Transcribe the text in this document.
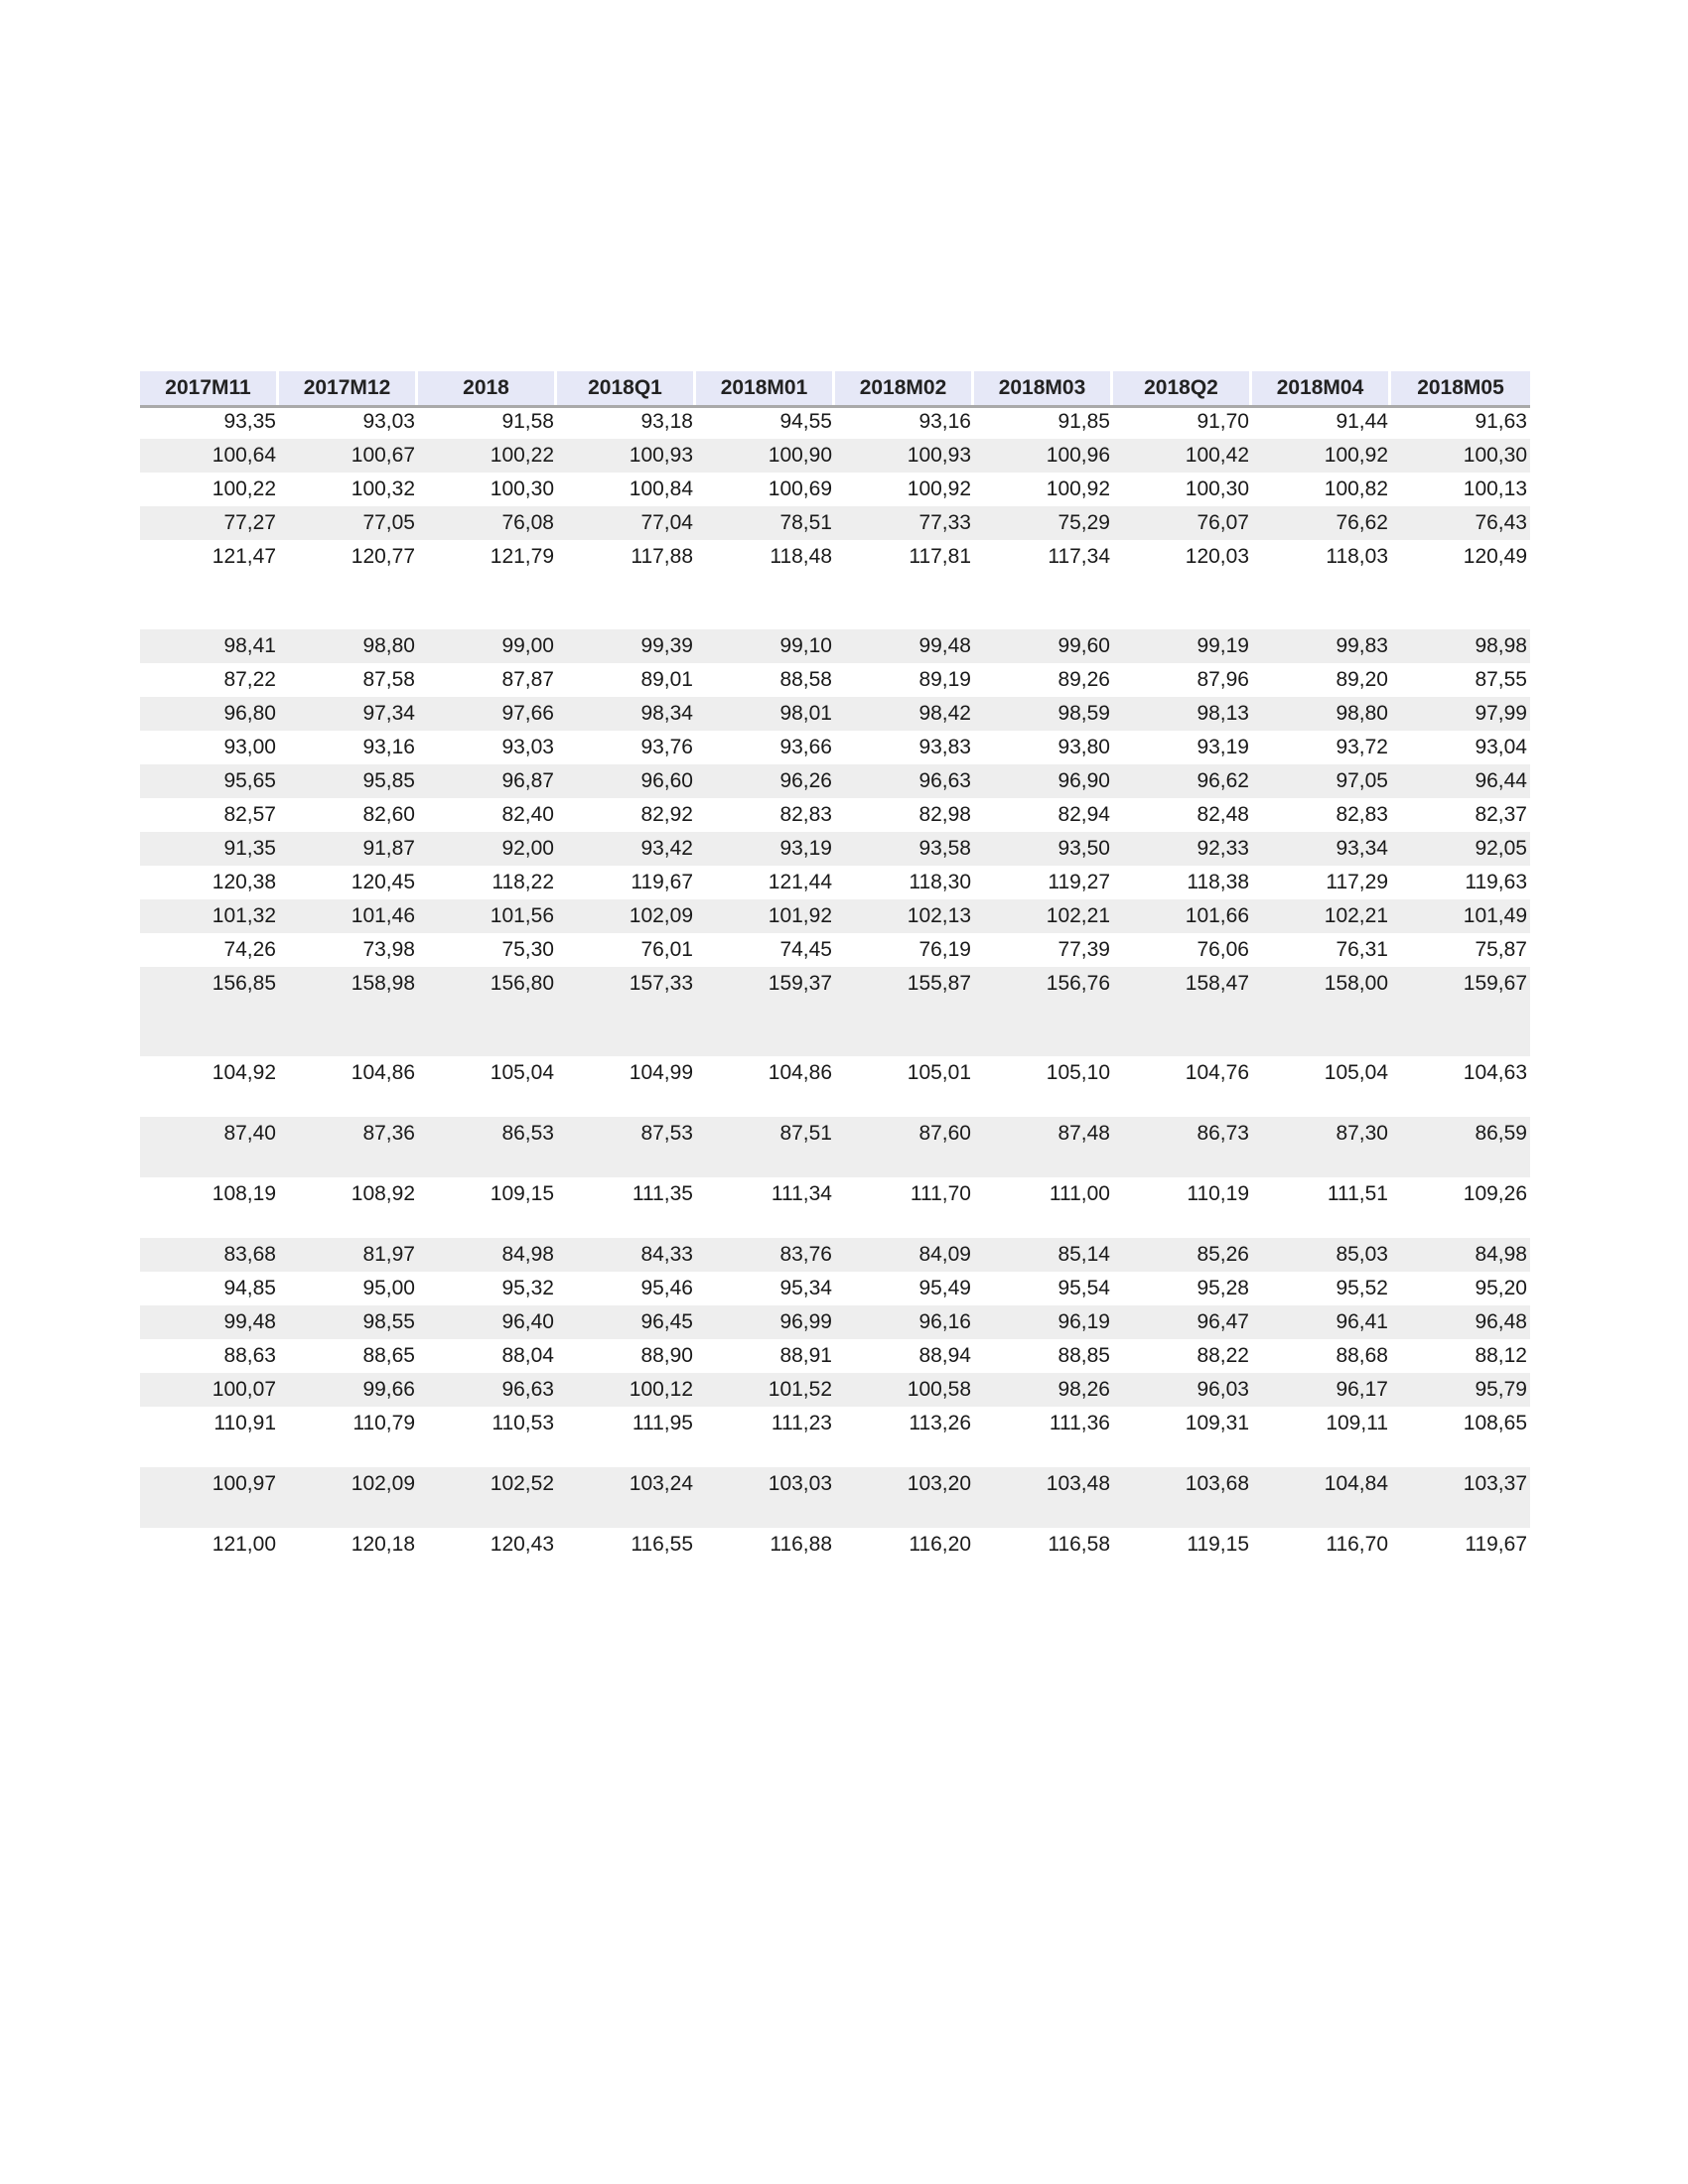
2017M11	2017M12	2018	2018Q1	2018M01	2018M02	2018M03	2018Q2	2018M04	2018M05
93,35	93,03	91,58	93,18	94,55	93,16	91,85	91,70	91,44	91,63
100,64	100,67	100,22	100,93	100,90	100,93	100,96	100,42	100,92	100,30
100,22	100,32	100,30	100,84	100,69	100,92	100,92	100,30	100,82	100,13
77,27	77,05	76,08	77,04	78,51	77,33	75,29	76,07	76,62	76,43
121,47	120,77	121,79	117,88	118,48	117,81	117,34	120,03	118,03	120,49
98,41	98,80	99,00	99,39	99,10	99,48	99,60	99,19	99,83	98,98
87,22	87,58	87,87	89,01	88,58	89,19	89,26	87,96	89,20	87,55
96,80	97,34	97,66	98,34	98,01	98,42	98,59	98,13	98,80	97,99
93,00	93,16	93,03	93,76	93,66	93,83	93,80	93,19	93,72	93,04
95,65	95,85	96,87	96,60	96,26	96,63	96,90	96,62	97,05	96,44
82,57	82,60	82,40	82,92	82,83	82,98	82,94	82,48	82,83	82,37
91,35	91,87	92,00	93,42	93,19	93,58	93,50	92,33	93,34	92,05
120,38	120,45	118,22	119,67	121,44	118,30	119,27	118,38	117,29	119,63
101,32	101,46	101,56	102,09	101,92	102,13	102,21	101,66	102,21	101,49
74,26	73,98	75,30	76,01	74,45	76,19	77,39	76,06	76,31	75,87
156,85	158,98	156,80	157,33	159,37	155,87	156,76	158,47	158,00	159,67
104,92	104,86	105,04	104,99	104,86	105,01	105,10	104,76	105,04	104,63
87,40	87,36	86,53	87,53	87,51	87,60	87,48	86,73	87,30	86,59
108,19	108,92	109,15	111,35	111,34	111,70	111,00	110,19	111,51	109,26
83,68	81,97	84,98	84,33	83,76	84,09	85,14	85,26	85,03	84,98
94,85	95,00	95,32	95,46	95,34	95,49	95,54	95,28	95,52	95,20
99,48	98,55	96,40	96,45	96,99	96,16	96,19	96,47	96,41	96,48
88,63	88,65	88,04	88,90	88,91	88,94	88,85	88,22	88,68	88,12
100,07	99,66	96,63	100,12	101,52	100,58	98,26	96,03	96,17	95,79
110,91	110,79	110,53	111,95	111,23	113,26	111,36	109,31	109,11	108,65
100,97	102,09	102,52	103,24	103,03	103,20	103,48	103,68	104,84	103,37
121,00	120,18	120,43	116,55	116,88	116,20	116,58	119,15	116,70	119,67
